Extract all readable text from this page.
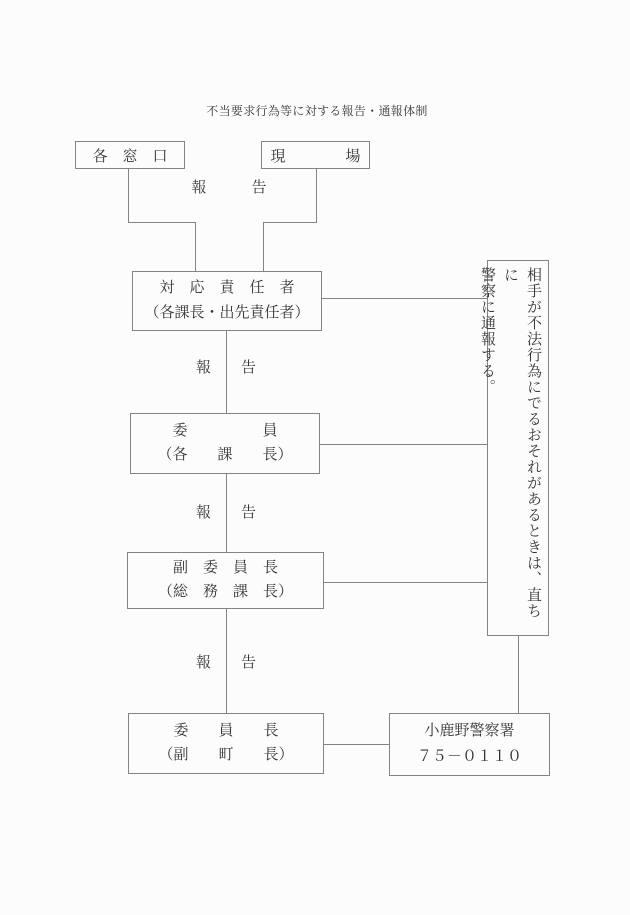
不当要求行為等に対する報告・通報体制
報　　　告
報　　告
報　　告
報　　告
各　窓　口	現　　　　場
対　応　責　任　者
（各課長・出先責任者）
委　　　　　員
（各　　課　　長）
副　委　員　長
（総　務　課　長）
委　　員　　長
（副　　町　　長）
相手が不法行為にでるおそれがあるときは、直ちに
警察に通報する。
小鹿野警察署
７５－０１１０
